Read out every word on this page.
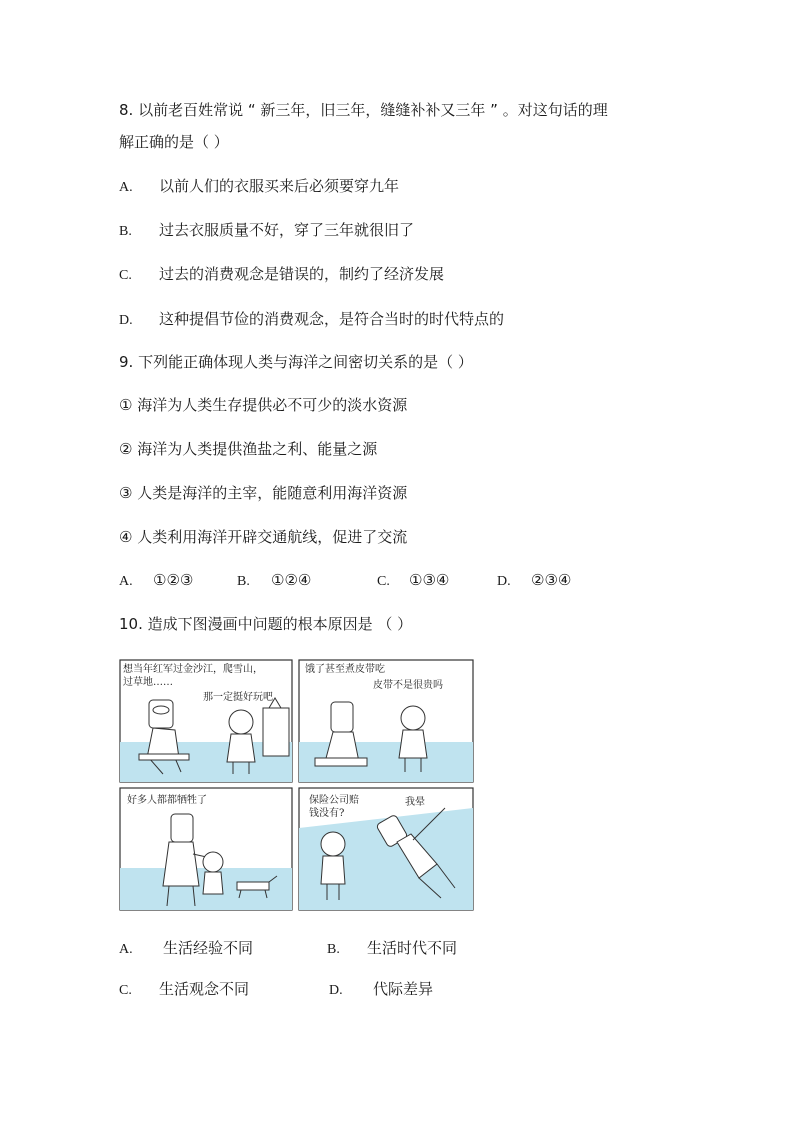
8. 以前老百姓常说 “ 新三年，旧三年，缝缝补补又三年 ” 。对这句话的理
解正确的是（ ）
A. 以前人们的衣服买来后必须要穿九年
B. 过去衣服质量不好，穿了三年就很旧了
C. 过去的消费观念是错误的，制约了经济发展
D. 这种提倡节俭的消费观念，是符合当时的时代特点的
9. 下列能正确体现人类与海洋之间密切关系的是（ ）
① 海洋为人类生存提供必不可少的淡水资源
② 海洋为人类提供渔盐之利、能量之源
③ 人类是海洋的主宰，能随意利用海洋资源
④ 人类利用海洋开辟交通航线，促进了交流
A. ①②③	B. ①②④	C. ①③④	D. ②③④
10. 造成下图漫画中问题的根本原因是 （ ）
想当年红军过金沙江，爬雪山，
过草地……
那一定挺好玩吧
饿了甚至煮皮带吃
皮带不是很贵吗
好多人都都牺牲了	保险公司赔
钱没有?
我晕
A. 生活经验不同	B. 生活时代不同
C. 生活观念不同	D. 代际差异
